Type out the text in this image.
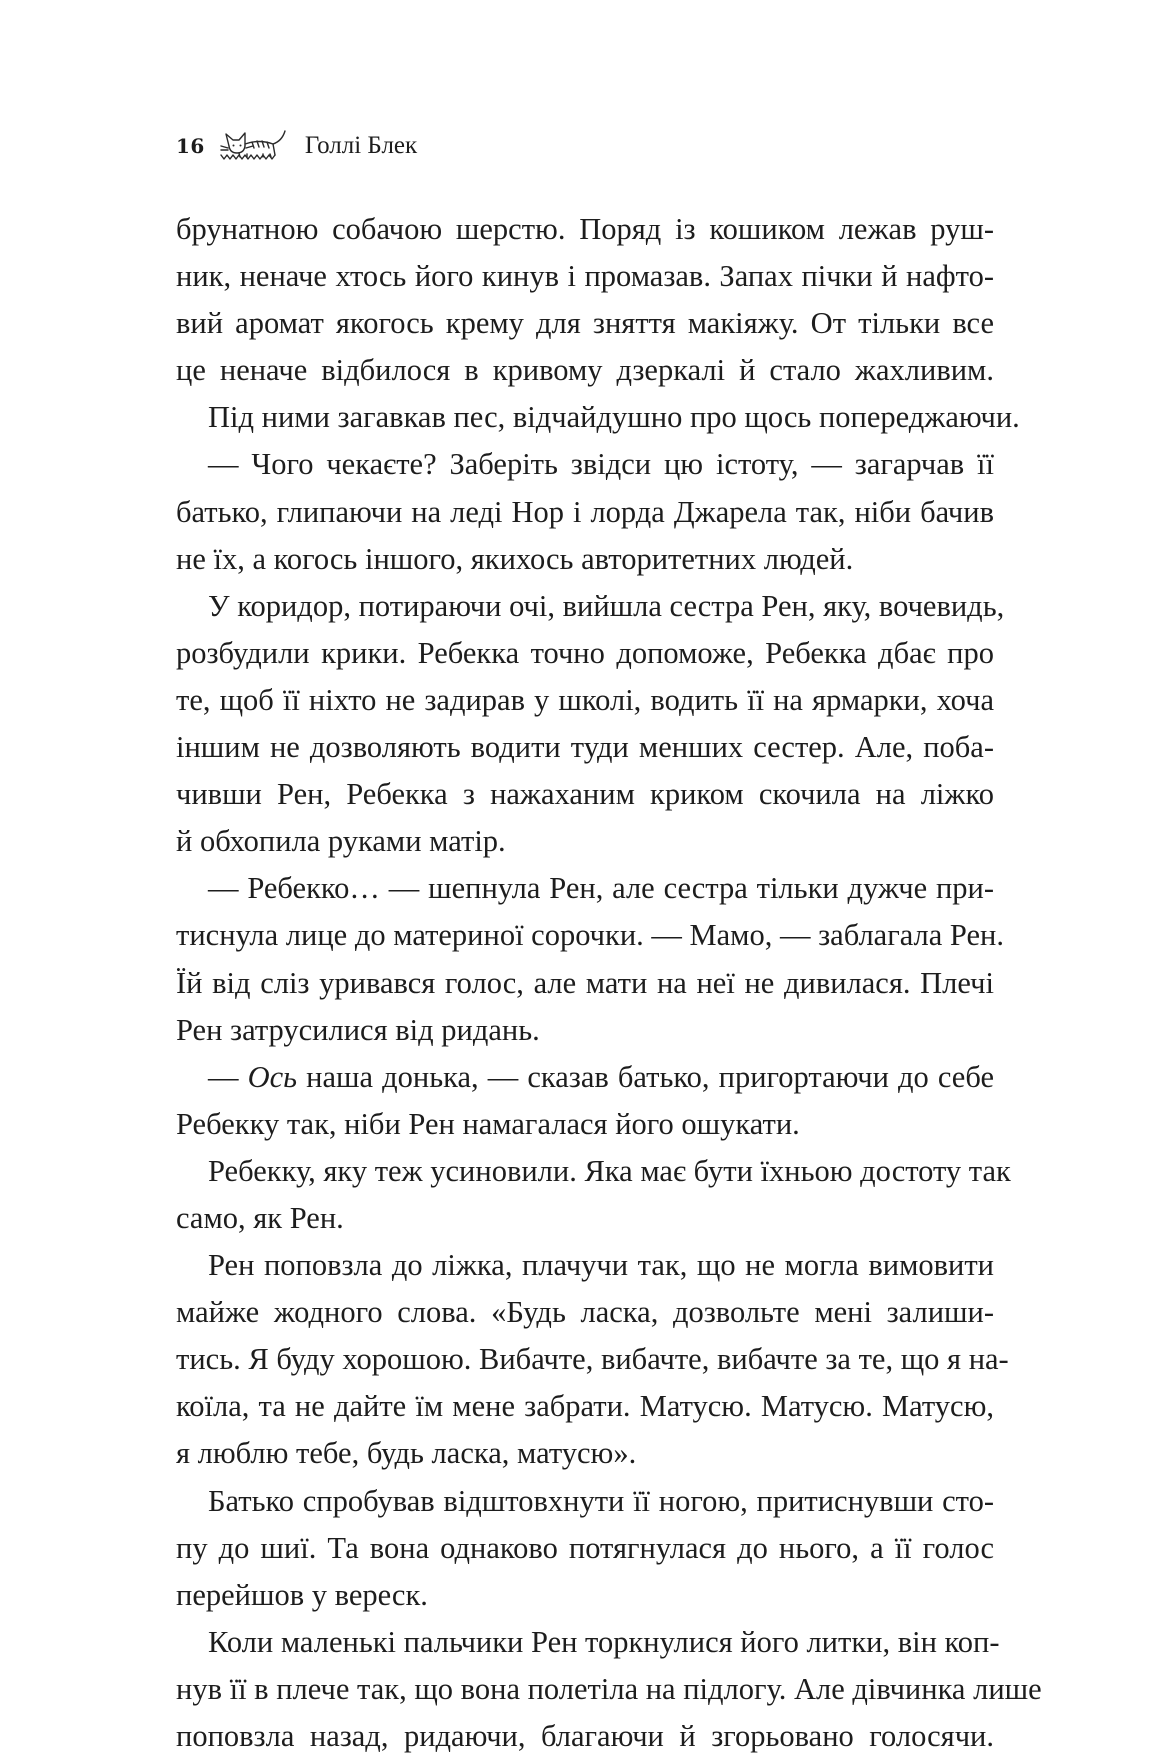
16	Голлі Блек
брунатною собачою шерстю. Поряд із кошиком лежав руш-
ник, неначе хтось його кинув і промазав. Запах пічки й нафто-
вий аромат якогось крему для зняття макіяжу. От тільки все
це неначе відбилося в кривому дзеркалі й стало жахливим.
Під ними загавкав пес, відчайдушно про щось попереджаючи.
— Чого чекаєте? Заберіть звідси цю істоту, — загарчав її
батько, глипаючи на леді Нор і лорда Джарела так, ніби бачив
не їх, а когось іншого, якихось авторитетних людей.
У коридор, потираючи очі, вийшла сестра Рен, яку, вочевидь,
розбудили крики. Ребекка точно допоможе, Ребекка дбає про
те, щоб її ніхто не задирав у школі, водить її на ярмарки, хоча
іншим не дозволяють водити туди менших сестер. Але, поба-
чивши Рен, Ребекка з нажаханим криком скочила на ліжко
й обхопила руками матір.
— Ребекко… — шепнула Рен, але сестра тільки дужче при-
тиснула лице до материної сорочки. — Мамо, — заблагала Рен.
Їй від сліз уривався голос, але мати на неї не дивилася. Плечі
Рен затрусилися від ридань.
— Ось наша донька, — сказав батько, пригортаючи до себе
Ребекку так, ніби Рен намагалася його ошукати.
Ребекку, яку теж усиновили. Яка має бути їхньою достоту так
само, як Рен.
Рен поповзла до ліжка, плачучи так, що не могла вимовити
майже жодного слова. «Будь ласка, дозвольте мені залиши-
тись. Я буду хорошою. Вибачте, вибачте, вибачте за те, що я на-
коїла, та не дайте їм мене забрати. Матусю. Матусю. Матусю,
я люблю тебе, будь ласка, матусю».
Батько спробував відштовхнути її ногою, притиснувши сто-
пу до шиї. Та вона однаково потягнулася до нього, а її голос
перейшов у вереск.
Коли маленькі пальчики Рен торкнулися його литки, він коп-
нув її в плече так, що вона полетіла на підлогу. Але дівчинка лише
поповзла назад, ридаючи, благаючи й згорьовано голосячи.
